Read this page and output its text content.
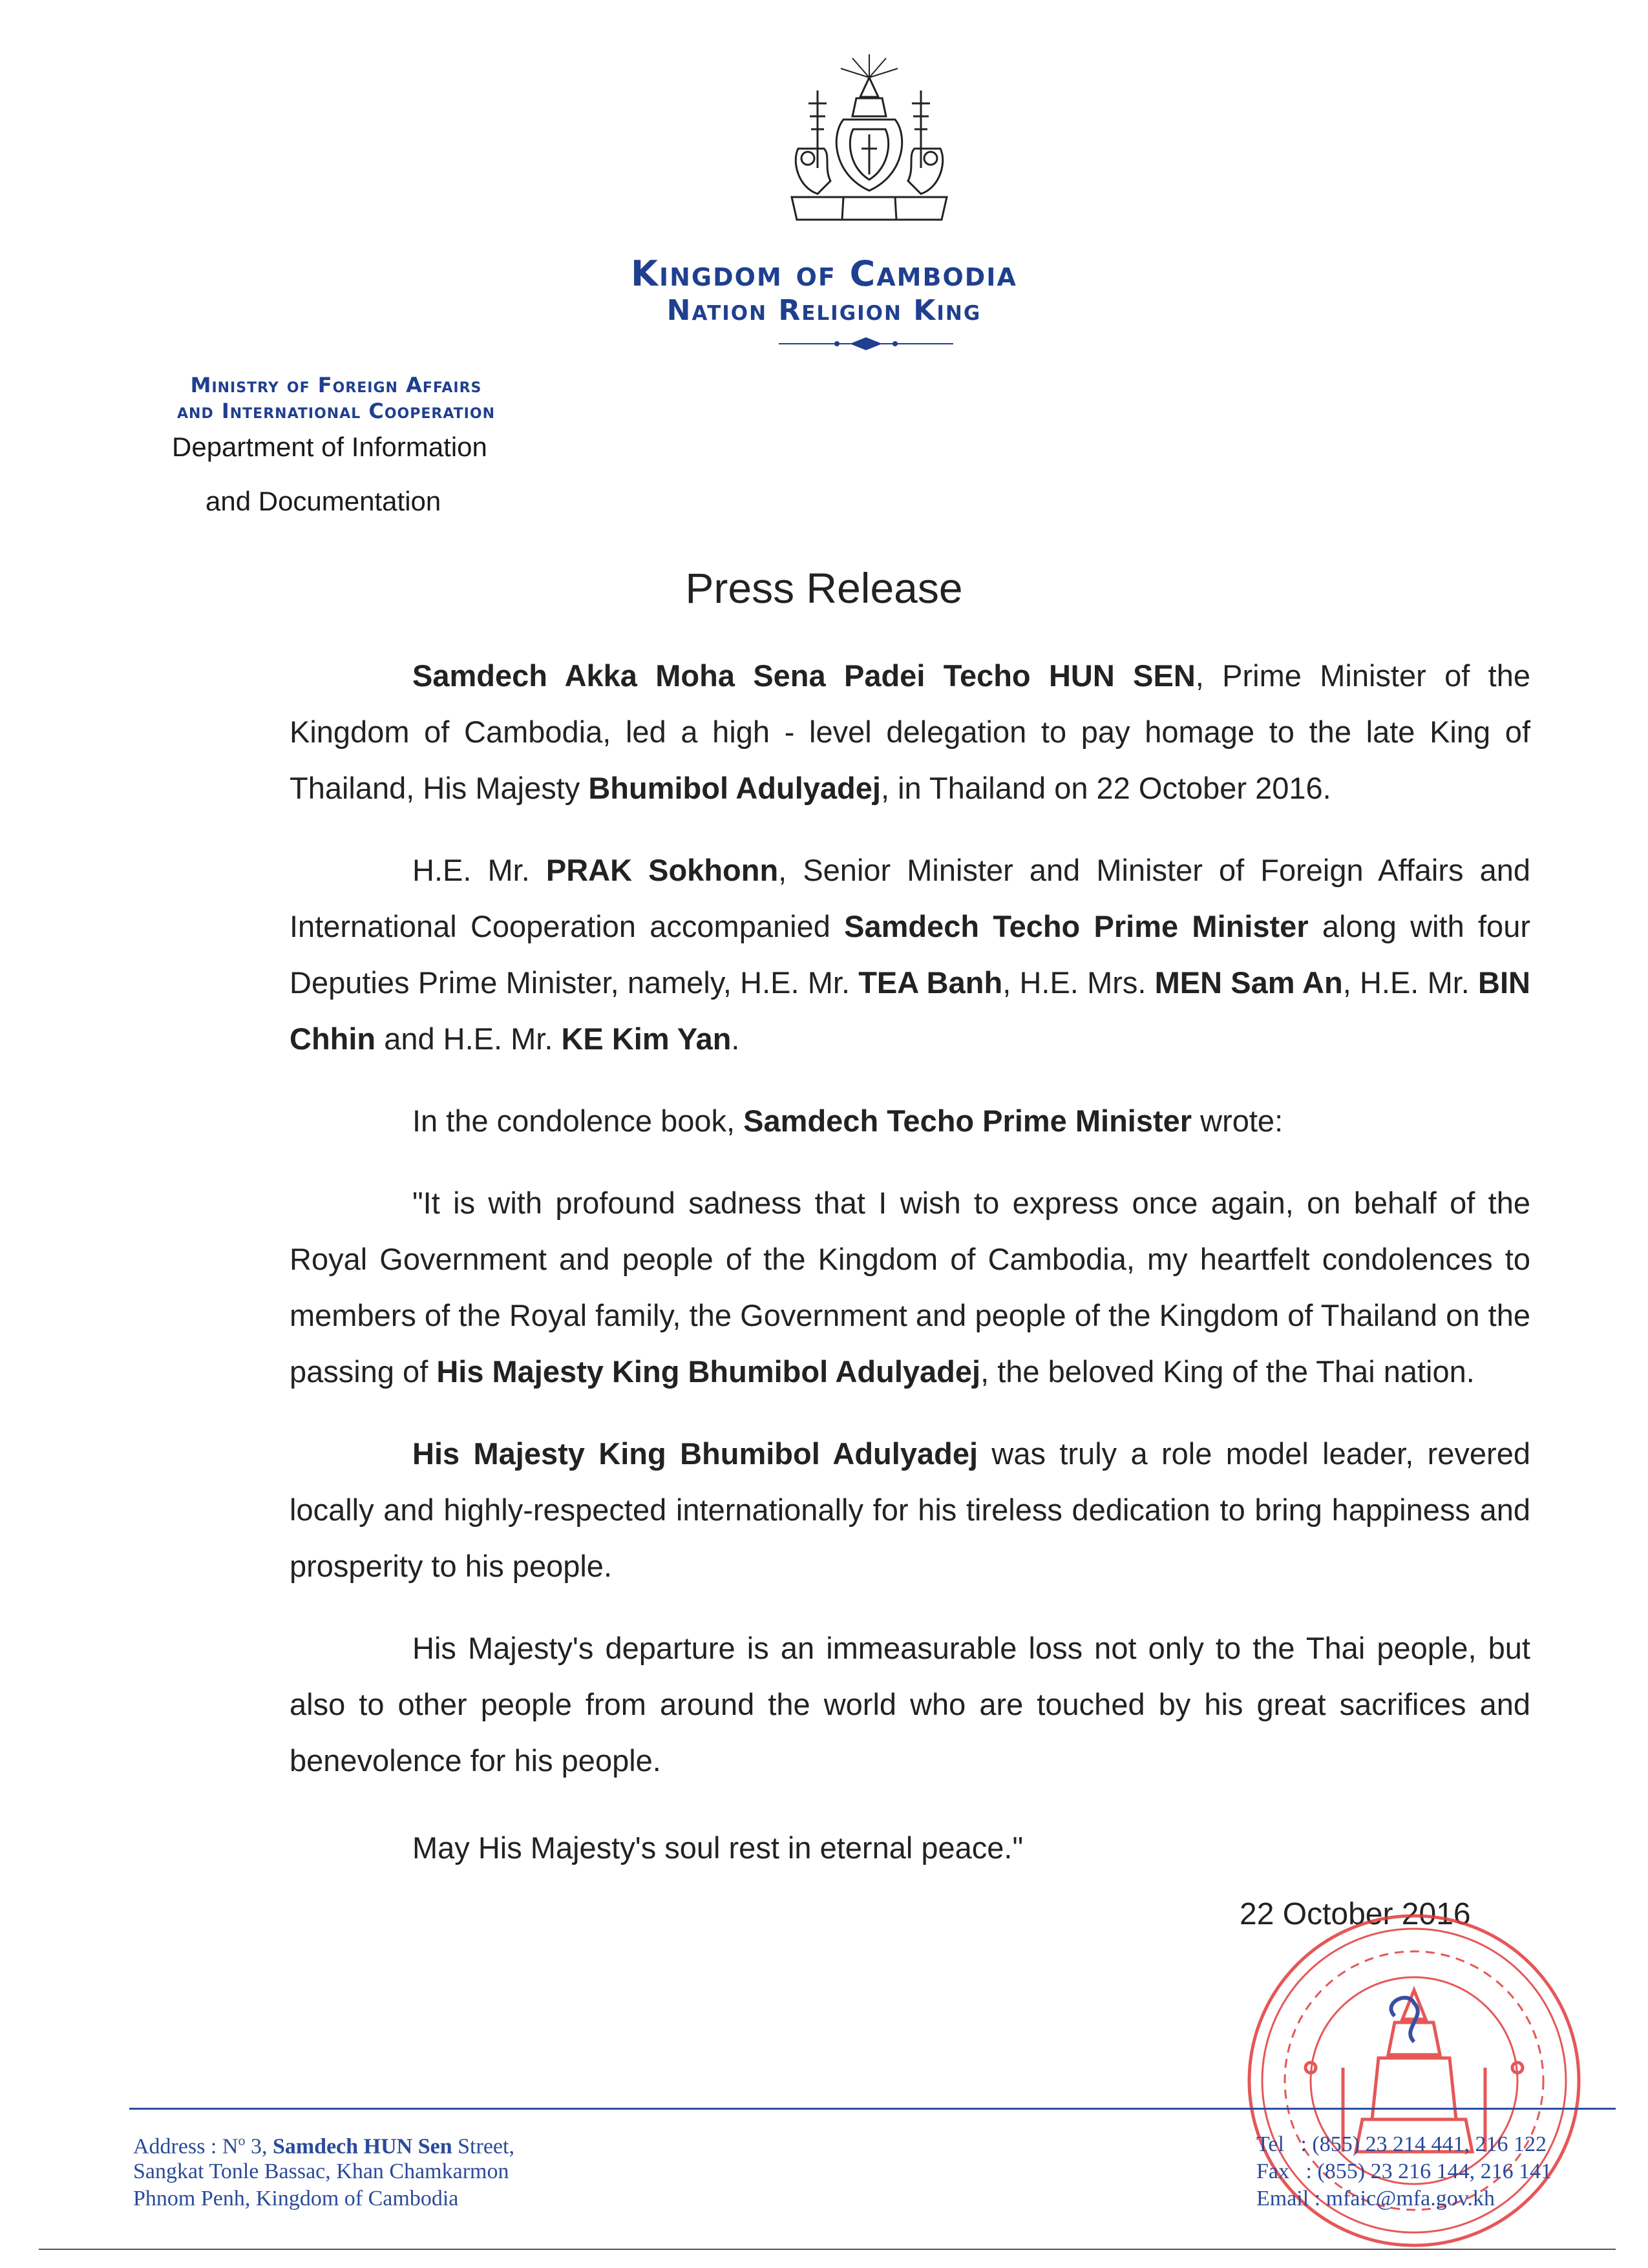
Kingdom of Cambodia
Nation Religion King
Ministry of Foreign Affairs
and International Cooperation
Department of Information
and Documentation
Press Release

Samdech Akka Moha Sena Padei Techo HUN SEN, Prime Minister of the Kingdom of Cambodia, led a high - level delegation to pay homage to the late King of Thailand, His Majesty Bhumibol Adulyadej, in Thailand on 22 October 2016.

H.E. Mr. PRAK Sokhonn, Senior Minister and Minister of Foreign Affairs and International Cooperation accompanied Samdech Techo Prime Minister along with four Deputies Prime Minister, namely, H.E. Mr. TEA Banh, H.E. Mrs. MEN Sam An, H.E. Mr. BIN Chhin and H.E. Mr. KE Kim Yan.

In the condolence book, Samdech Techo Prime Minister wrote:

"It is with profound sadness that I wish to express once again, on behalf of the Royal Government and people of the Kingdom of Cambodia, my heartfelt condolences to members of the Royal family, the Government and people of the Kingdom of Thailand on the passing of His Majesty King Bhumibol Adulyadej, the beloved King of the Thai nation.

His Majesty King Bhumibol Adulyadej was truly a role model leader, revered locally and highly-respected internationally for his tireless dedication to bring happiness and prosperity to his people.

His Majesty's departure is an immeasurable loss not only to the Thai people, but also to other people from around the world who are touched by his great sacrifices and benevolence for his people.

May His Majesty's soul rest in eternal peace."
22 October 2016
Address : $N^o$ 3, Samdech HUN Sen Street,
Sangkat Tonle Bassac, Khan Chamkarmon
Phnom Penh, Kingdom of Cambodia
Tel   : (855) 23 214 441, 216 122
Fax   : (855) 23 216 144, 216 141
Email : mfaic@mfa.gov.kh
